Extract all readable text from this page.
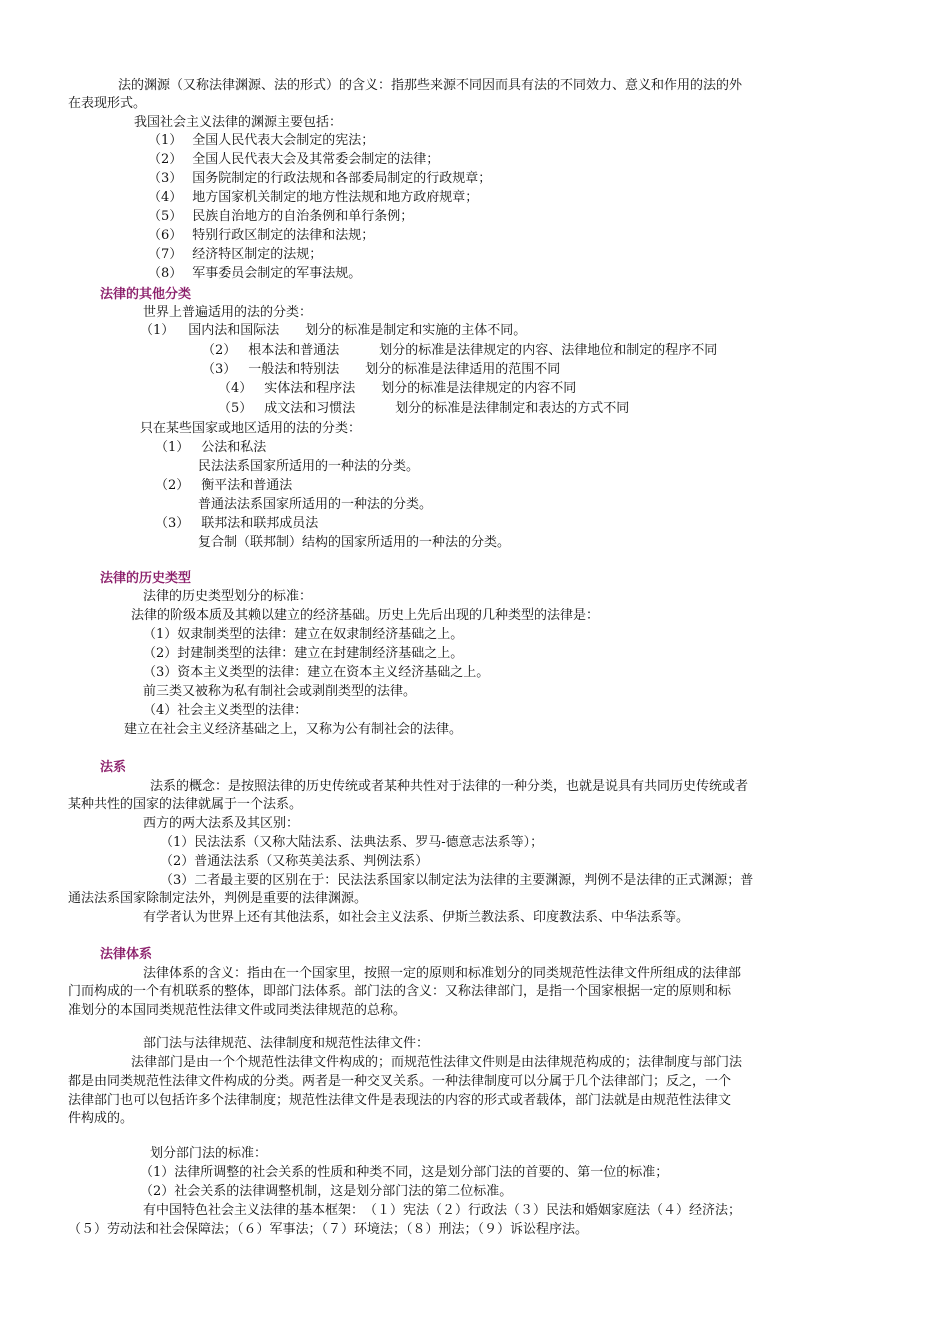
法的渊源（又称法律渊源、法的形式）的含义：指那些来源不同因而具有法的不同效力、意义和作用的法的外
在表现形式。
我国社会主义法律的渊源主要包括：
（1） 全国人民代表大会制定的宪法；
（2） 全国人民代表大会及其常委会制定的法律；
（3） 国务院制定的行政法规和各部委局制定的行政规章；
（4） 地方国家机关制定的地方性法规和地方政府规章；
（5） 民族自治地方的自治条例和单行条例；
（6） 特别行政区制定的法律和法规；
（7） 经济特区制定的法规；
（8） 军事委员会制定的军事法规。
法律的其他分类
世界上普遍适用的法的分类：
（1） 国内法和国际法 划分的标准是制定和实施的主体不同。
（2） 根本法和普通法	划分的标准是法律规定的内容、法律地位和制定的程序不同
（3） 一般法和特别法 划分的标准是法律适用的范围不同
（4） 实体法和程序法 划分的标准是法律规定的内容不同
（5） 成文法和习惯法	划分的标准是法律制定和表达的方式不同
只在某些国家或地区适用的法的分类：
（1） 公法和私法
民法法系国家所适用的一种法的分类。
（2） 衡平法和普通法
普通法法系国家所适用的一种法的分类。
（3） 联邦法和联邦成员法
复合制（联邦制）结构的国家所适用的一种法的分类。
法律的历史类型
法律的历史类型划分的标准：
法律的阶级本质及其赖以建立的经济基础。历史上先后出现的几种类型的法律是：
（1）奴隶制类型的法律：建立在奴隶制经济基础之上。
（2）封建制类型的法律：建立在封建制经济基础之上。
（3）资本主义类型的法律：建立在资本主义经济基础之上。
前三类又被称为私有制社会或剥削类型的法律。
（4）社会主义类型的法律：
建立在社会主义经济基础之上，又称为公有制社会的法律。
法系
法系的概念：是按照法律的历史传统或者某种共性对于法律的一种分类，也就是说具有共同历史传统或者
某种共性的国家的法律就属于一个法系。
西方的两大法系及其区别：
（1）民法法系（又称大陆法系、法典法系、罗马-德意志法系等）；
（2）普通法法系（又称英美法系、判例法系）
（3）二者最主要的区别在于：民法法系国家以制定法为法律的主要渊源，判例不是法律的正式渊源；普
通法法系国家除制定法外，判例是重要的法律渊源。
有学者认为世界上还有其他法系，如社会主义法系、伊斯兰教法系、印度教法系、中华法系等。
法律体系
法律体系的含义：指由在一个国家里，按照一定的原则和标准划分的同类规范性法律文件所组成的法律部
门而构成的一个有机联系的整体，即部门法体系。部门法的含义：又称法律部门，是指一个国家根据一定的原则和标
准划分的本国同类规范性法律文件或同类法律规范的总称。
部门法与法律规范、法律制度和规范性法律文件：
法律部门是由一个个规范性法律文件构成的；而规范性法律文件则是由法律规范构成的；法律制度与部门法
都是由同类规范性法律文件构成的分类。两者是一种交叉关系。一种法律制度可以分属于几个法律部门；反之，一个
法律部门也可以包括许多个法律制度；规范性法律文件是表现法的内容的形式或者载体，部门法就是由规范性法律文
件构成的。
划分部门法的标准：
（1）法律所调整的社会关系的性质和种类不同，这是划分部门法的首要的、第一位的标准；
（2）社会关系的法律调整机制，这是划分部门法的第二位标准。
有中国特色社会主义法律的基本框架：　（１）宪法（２）行政法（３）民法和婚姻家庭法（４）经济法；
（５）劳动法和社会保障法；（６）军事法；（７）环境法；（８）刑法；（９）诉讼程序法。
